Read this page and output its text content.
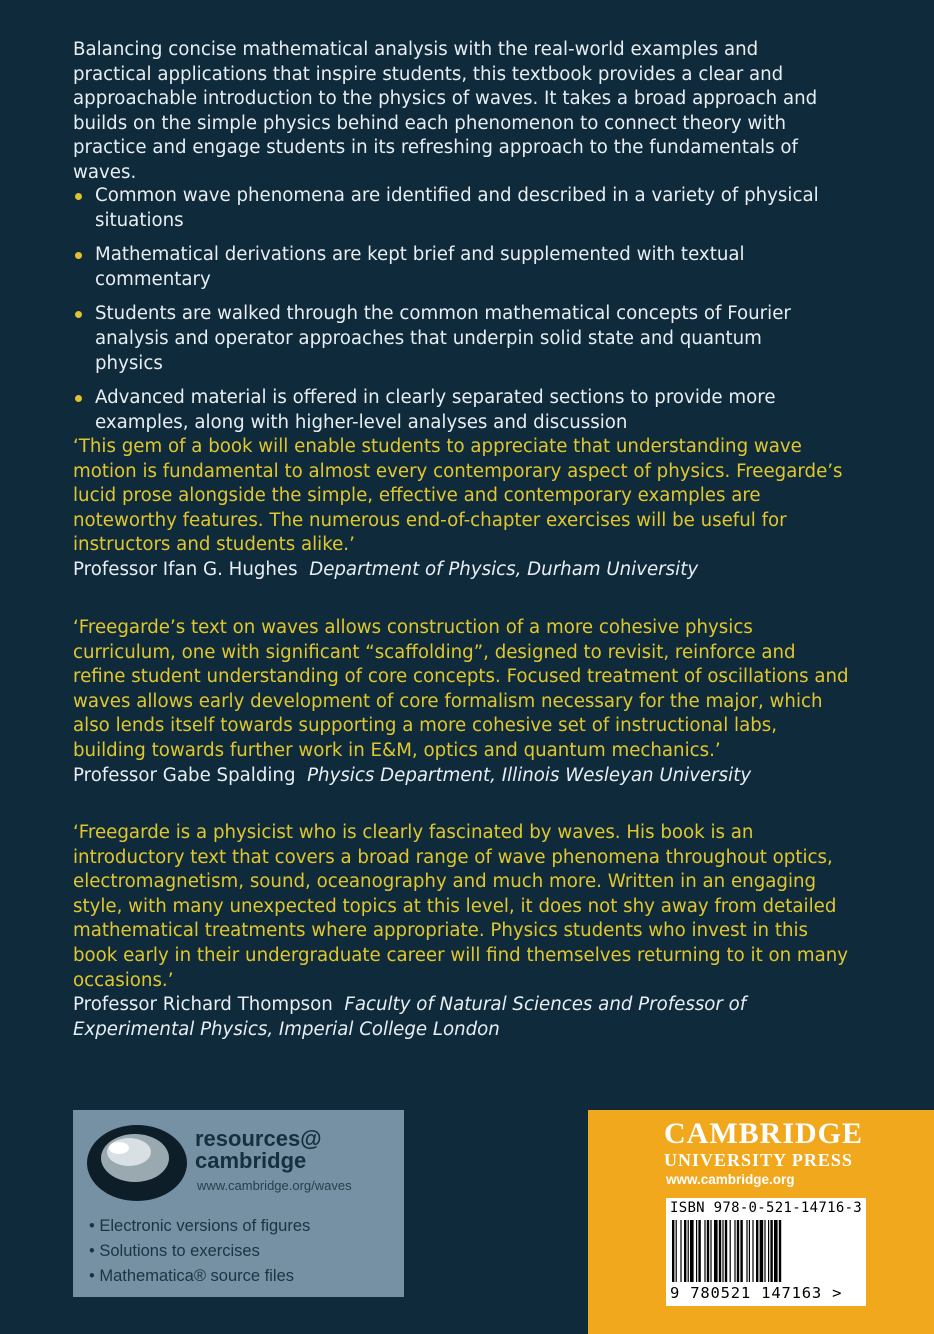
Balancing concise mathematical analysis with the real-world examples and practical applications that inspire students, this textbook provides a clear and approachable introduction to the physics of waves. It takes a broad approach and builds on the simple physics behind each phenomenon to connect theory with practice and engage students in its refreshing approach to the fundamentals of waves.

Common wave phenomena are identified and described in a variety of physical situations
Mathematical derivations are kept brief and supplemented with textual commentary
Students are walked through the common mathematical concepts of Fourier analysis and operator approaches that underpin solid state and quantum physics
Advanced material is offered in clearly separated sections to provide more examples, along with higher-level analyses and discussion

‘This gem of a book will enable students to appreciate that understanding wave motion is fundamental to almost every contemporary aspect of physics. Freegarde’s lucid prose alongside the simple, effective and contemporary examples are noteworthy features. The numerous end-of-chapter exercises will be useful for instructors and students alike.’

Professor Ifan G. Hughes Department of Physics, Durham University

‘Freegarde’s text on waves allows construction of a more cohesive physics curriculum, one with significant “scaffolding”, designed to revisit, reinforce and refine student understanding of core concepts. Focused treatment of oscillations and waves allows early development of core formalism necessary for the major, which also lends itself towards supporting a more cohesive set of instructional labs, building towards further work in E&M, optics and quantum mechanics.’

Professor Gabe Spalding Physics Department, Illinois Wesleyan University

‘Freegarde is a physicist who is clearly fascinated by waves. His book is an introductory text that covers a broad range of wave phenomena throughout optics, electromagnetism, sound, oceanography and much more. Written in an engaging style, with many unexpected topics at this level, it does not shy away from detailed mathematical treatments where appropriate. Physics students who invest in this book early in their undergraduate career will find themselves returning to it on many occasions.’

Professor Richard Thompson Faculty of Natural Sciences and Professor of Experimental Physics, Imperial College London

resources@
cambridge

www.cambridge.org/waves
• Electronic versions of figures
• Solutions to exercises
• Mathematica® source files

CAMBRIDGE

UNIVERSITY PRESS

www.cambridge.org

ISBN 978-0-521-14716-3

9 780521 147163 >
